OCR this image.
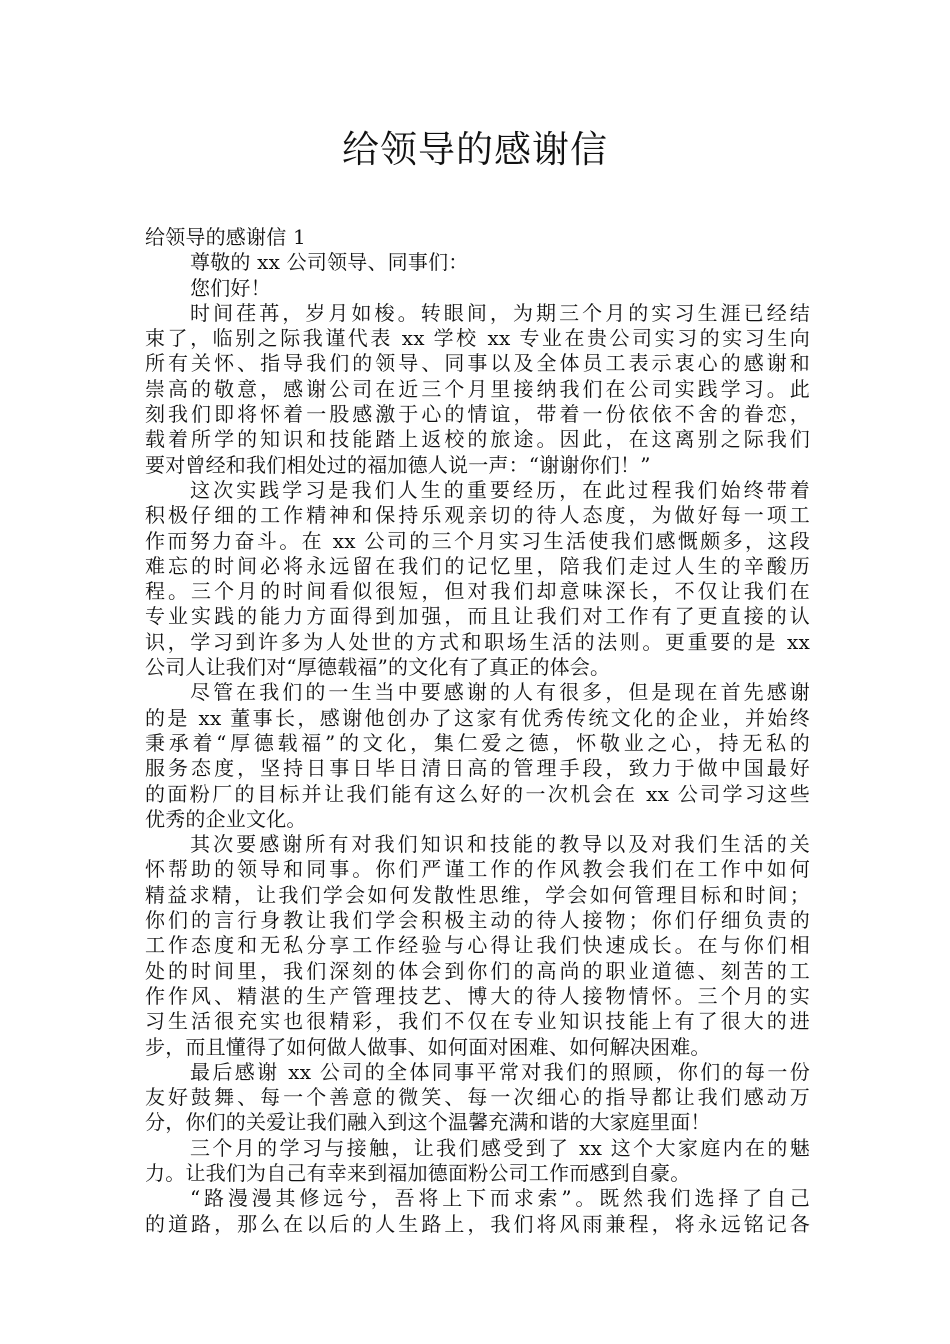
给领导的感谢信
给领导的感谢信 1
尊敬的 xx 公司领导、同事们：
您们好！
时间荏苒，岁月如梭。转眼间，为期三个月的实习生涯已经结
束了，临别之际我谨代表 xx 学校 xx 专业在贵公司实习的实习生向
所有关怀、指导我们的领导、同事以及全体员工表示衷心的感谢和
崇高的敬意，感谢公司在近三个月里接纳我们在公司实践学习。此
刻我们即将怀着一股感激于心的情谊，带着一份依依不舍的眷恋，
载着所学的知识和技能踏上返校的旅途。因此，在这离别之际我们
要对曾经和我们相处过的福加德人说一声：“谢谢你们！”
这次实践学习是我们人生的重要经历，在此过程我们始终带着
积极仔细的工作精神和保持乐观亲切的待人态度，为做好每一项工
作而努力奋斗。在 xx 公司的三个月实习生活使我们感慨颇多，这段
难忘的时间必将永远留在我们的记忆里，陪我们走过人生的辛酸历
程。三个月的时间看似很短，但对我们却意味深长，不仅让我们在
专业实践的能力方面得到加强，而且让我们对工作有了更直接的认
识，学习到许多为人处世的方式和职场生活的法则。更重要的是 xx
公司人让我们对“厚德载福”的文化有了真正的体会。
尽管在我们的一生当中要感谢的人有很多，但是现在首先感谢
的是 xx 董事长，感谢他创办了这家有优秀传统文化的企业，并始终
秉承着“厚德载福”的文化，集仁爱之德，怀敬业之心，持无私的
服务态度，坚持日事日毕日清日高的管理手段，致力于做中国最好
的面粉厂的目标并让我们能有这么好的一次机会在 xx 公司学习这些
优秀的企业文化。
其次要感谢所有对我们知识和技能的教导以及对我们生活的关
怀帮助的领导和同事。你们严谨工作的作风教会我们在工作中如何
精益求精，让我们学会如何发散性思维，学会如何管理目标和时间；
你们的言行身教让我们学会积极主动的待人接物；你们仔细负责的
工作态度和无私分享工作经验与心得让我们快速成长。在与你们相
处的时间里，我们深刻的体会到你们的高尚的职业道德、刻苦的工
作作风、精湛的生产管理技艺、博大的待人接物情怀。三个月的实
习生活很充实也很精彩，我们不仅在专业知识技能上有了很大的进
步，而且懂得了如何做人做事、如何面对困难、如何解决困难。
最后感谢 xx 公司的全体同事平常对我们的照顾，你们的每一份
友好鼓舞、每一个善意的微笑、每一次细心的指导都让我们感动万
分，你们的关爱让我们融入到这个温馨充满和谐的大家庭里面！
三个月的学习与接触，让我们感受到了 xx 这个大家庭内在的魅
力。让我们为自己有幸来到福加德面粉公司工作而感到自豪。
“路漫漫其修远兮，吾将上下而求索”。既然我们选择了自己
的道路，那么在以后的人生路上，我们将风雨兼程，将永远铭记各
